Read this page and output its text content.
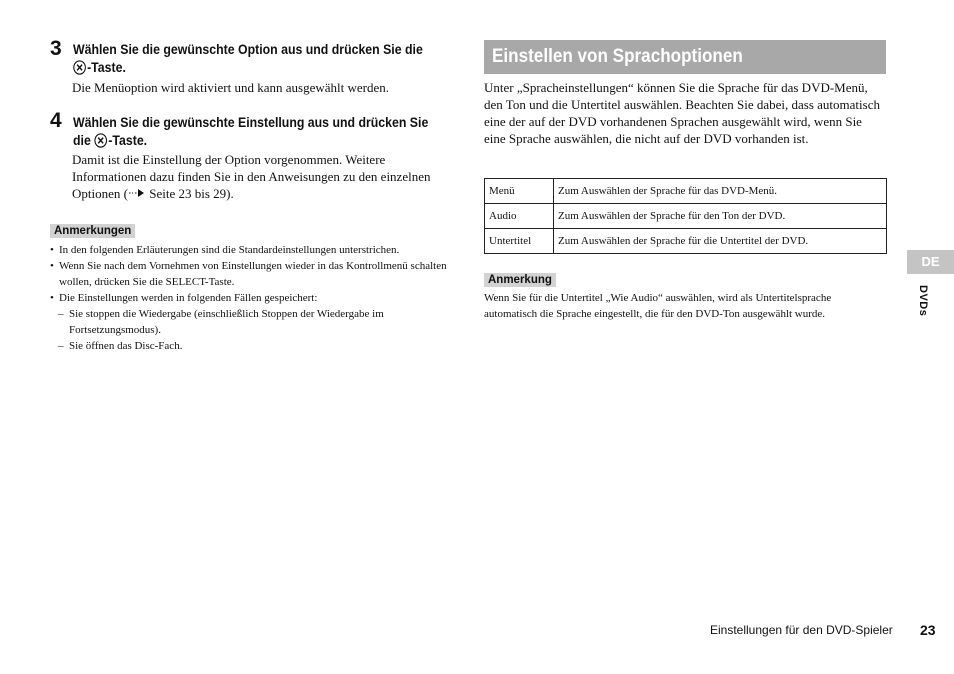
3 Wählen Sie die gewünschte Option aus und drücken Sie die
-Taste.
Die Menüoption wird aktiviert und kann ausgewählt werden.
4 Wählen Sie die gewünschte Einstellung aus und drücken Sie
die -Taste.
Damit ist die Einstellung der Option vorgenommen. Weitere Informationen dazu finden Sie in den Anweisungen zu den einzelnen Optionen ( Seite 23 bis 29).
Anmerkungen
• In den folgenden Erläuterungen sind die Standardeinstellungen unterstrichen.
• Wenn Sie nach dem Vornehmen von Einstellungen wieder in das Kontrollmenü schalten wollen, drücken Sie die SELECT-Taste.
• Die Einstellungen werden in folgenden Fällen gespeichert:
– Sie stoppen die Wiedergabe (einschließlich Stoppen der Wiedergabe im Fortsetzungsmodus).
– Sie öffnen das Disc-Fach.
Einstellen von Sprachoptionen
Unter „Spracheinstellungen“ können Sie die Sprache für das DVD-Menü, den Ton und die Untertitel auswählen. Beachten Sie dabei, dass automatisch eine der auf der DVD vorhandenen Sprachen ausgewählt wird, wenn Sie eine Sprache auswählen, die nicht auf der DVD vorhanden ist.
Menü	Zum Auswählen der Sprache für das DVD-Menü.
Audio	Zum Auswählen der Sprache für den Ton der DVD.
Untertitel	Zum Auswählen der Sprache für die Untertitel der DVD.
Anmerkung
Wenn Sie für die Untertitel „Wie Audio“ auswählen, wird als Untertitelsprache automatisch die Sprache eingestellt, die für den DVD-Ton ausgewählt wurde.
DE
DVDs
Einstellungen für den DVD-Spieler 23
